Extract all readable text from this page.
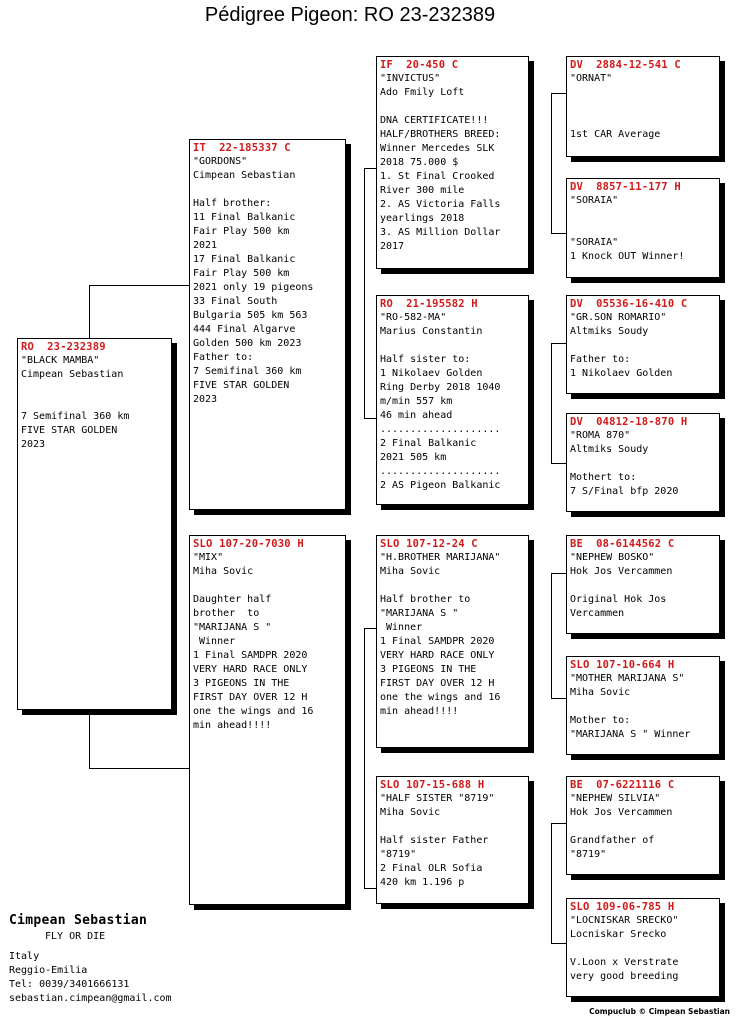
Pédigree Pigeon: RO 23-232389
RO  23-232389
"BLACK MAMBA"
Cimpean Sebastian
7 Semifinal 360 km
FIVE STAR GOLDEN
2023
IT  22-185337 C
"GORDONS"
Cimpean Sebastian
Half brother:
11 Final Balkanic
Fair Play 500 km
2021
17 Final Balkanic
Fair Play 500 km
2021 only 19 pigeons
33 Final South
Bulgaria 505 km 563
444 Final Algarve
Golden 500 km 2023
Father to:
7 Semifinal 360 km
FIVE STAR GOLDEN
2023
SLO 107-20-7030 H
"MIX"
Miha Sovic
Daughter half
brother  to
"MARIJANA S "
Winner
1 Final SAMDPR 2020
VERY HARD RACE ONLY
3 PIGEONS IN THE
FIRST DAY OVER 12 H
one the wings and 16
min ahead!!!!
IF  20-450 C
"INVICTUS"
Ado Fmily Loft
DNA CERTIFICATE!!!
HALF/BROTHERS BREED:
Winner Mercedes SLK
2018 75.000 $
1. St Final Crooked
River 300 mile
2. AS Victoria Falls
yearlings 2018
3. AS Million Dollar
2017
RO  21-195582 H
"RO-582-MA"
Marius Constantin
Half sister to:
1 Nikolaev Golden
Ring Derby 2018 1040
m/min 557 km
46 min ahead
....................
2 Final Balkanic
2021 505 km
....................
2 AS Pigeon Balkanic
SLO 107-12-24 C
"H.BROTHER MARIJANA"
Miha Sovic
Half brother to
"MARIJANA S "
Winner
1 Final SAMDPR 2020
VERY HARD RACE ONLY
3 PIGEONS IN THE
FIRST DAY OVER 12 H
one the wings and 16
min ahead!!!!
SLO 107-15-688 H
"HALF SISTER "8719"
Miha Sovic
Half sister Father
"8719"
2 Final OLR Sofia
420 km 1.196 p
DV  2884-12-541 C
"ORNAT"
1st CAR Average
DV  8857-11-177 H
"SORAIA"
"SORAIA"
1 Knock OUT Winner!
DV  05536-16-410 C
"GR.SON ROMARIO"
Altmiks Soudy
Father to:
1 Nikolaev Golden
DV  04812-18-870 H
"ROMA 870"
Altmiks Soudy
Mothert to:
7 S/Final bfp 2020
BE  08-6144562 C
"NEPHEW BOSKO"
Hok Jos Vercammen
Original Hok Jos
Vercammen
SLO 107-10-664 H
"MOTHER MARIJANA S"
Miha Sovic
Mother to:
"MARIJANA S " Winner
BE  07-6221116 C
"NEPHEW SILVIA"
Hok Jos Vercammen
Grandfather of
"8719"
SLO 109-06-785 H
"LOCNISKAR SRECKO"
Locniskar Srecko
V.Loon x Verstrate
very good breeding
Cimpean Sebastian
FLY OR DIE
Italy
Reggio-Emilia
Tel: 0039/3401666131
sebastian.cimpean@gmail.com
Compuclub © Cimpean Sebastian
